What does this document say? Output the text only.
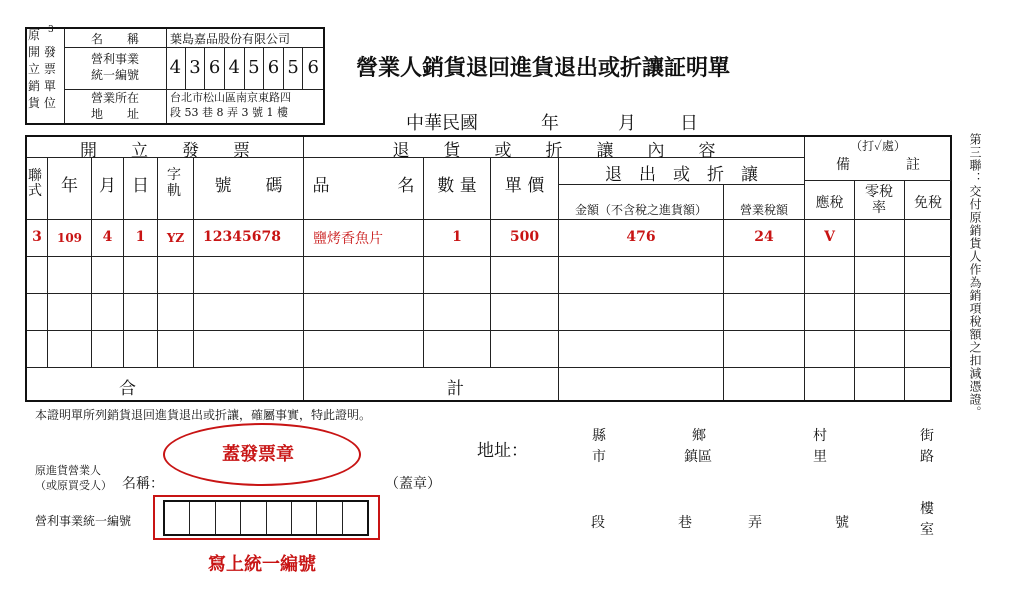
原 3
開 發
立 票
銷 單
貨 位
名　　稱	葉島嘉品股份有限公司
營利事業
統一編號	4 3 6 4 5 6 5 6
營業所在
地　　址
台北市松山區南京東路四
段 53 巷 8 弄 3 號 1 樓
營業人銷貨退回進貨退出或折讓証明單
中華民國	年	月 日
開　　立　　發　　票	退　　貨　　或　　折　　讓　　內　　容	（打✓處）
備　　　　註
聯式	年	月 日
字軌	號　　碼	品　　　　名	數 量	單 價
退　出　或　折　讓
金額（不含稅之進貨額）	營業稅額	應稅
零稅率	免稅
3	109	4	1	YZ	12345678 鹽烤香魚片	1	500	476	24	V
合	計	第三聯：交付原銷貨人作為銷項稅額之扣減憑證。
本證明單所列銷貨退回進貨退出或折讓，確屬事實，特此證明。
蓋發票章
原進貨營業人
（或原買受人） 名稱：	（蓋章）
營利事業統一編號
寫上統一編號
地址：
縣
市
鄉
鎮區
村
里
街
路
段	巷	弄	號
樓
室
